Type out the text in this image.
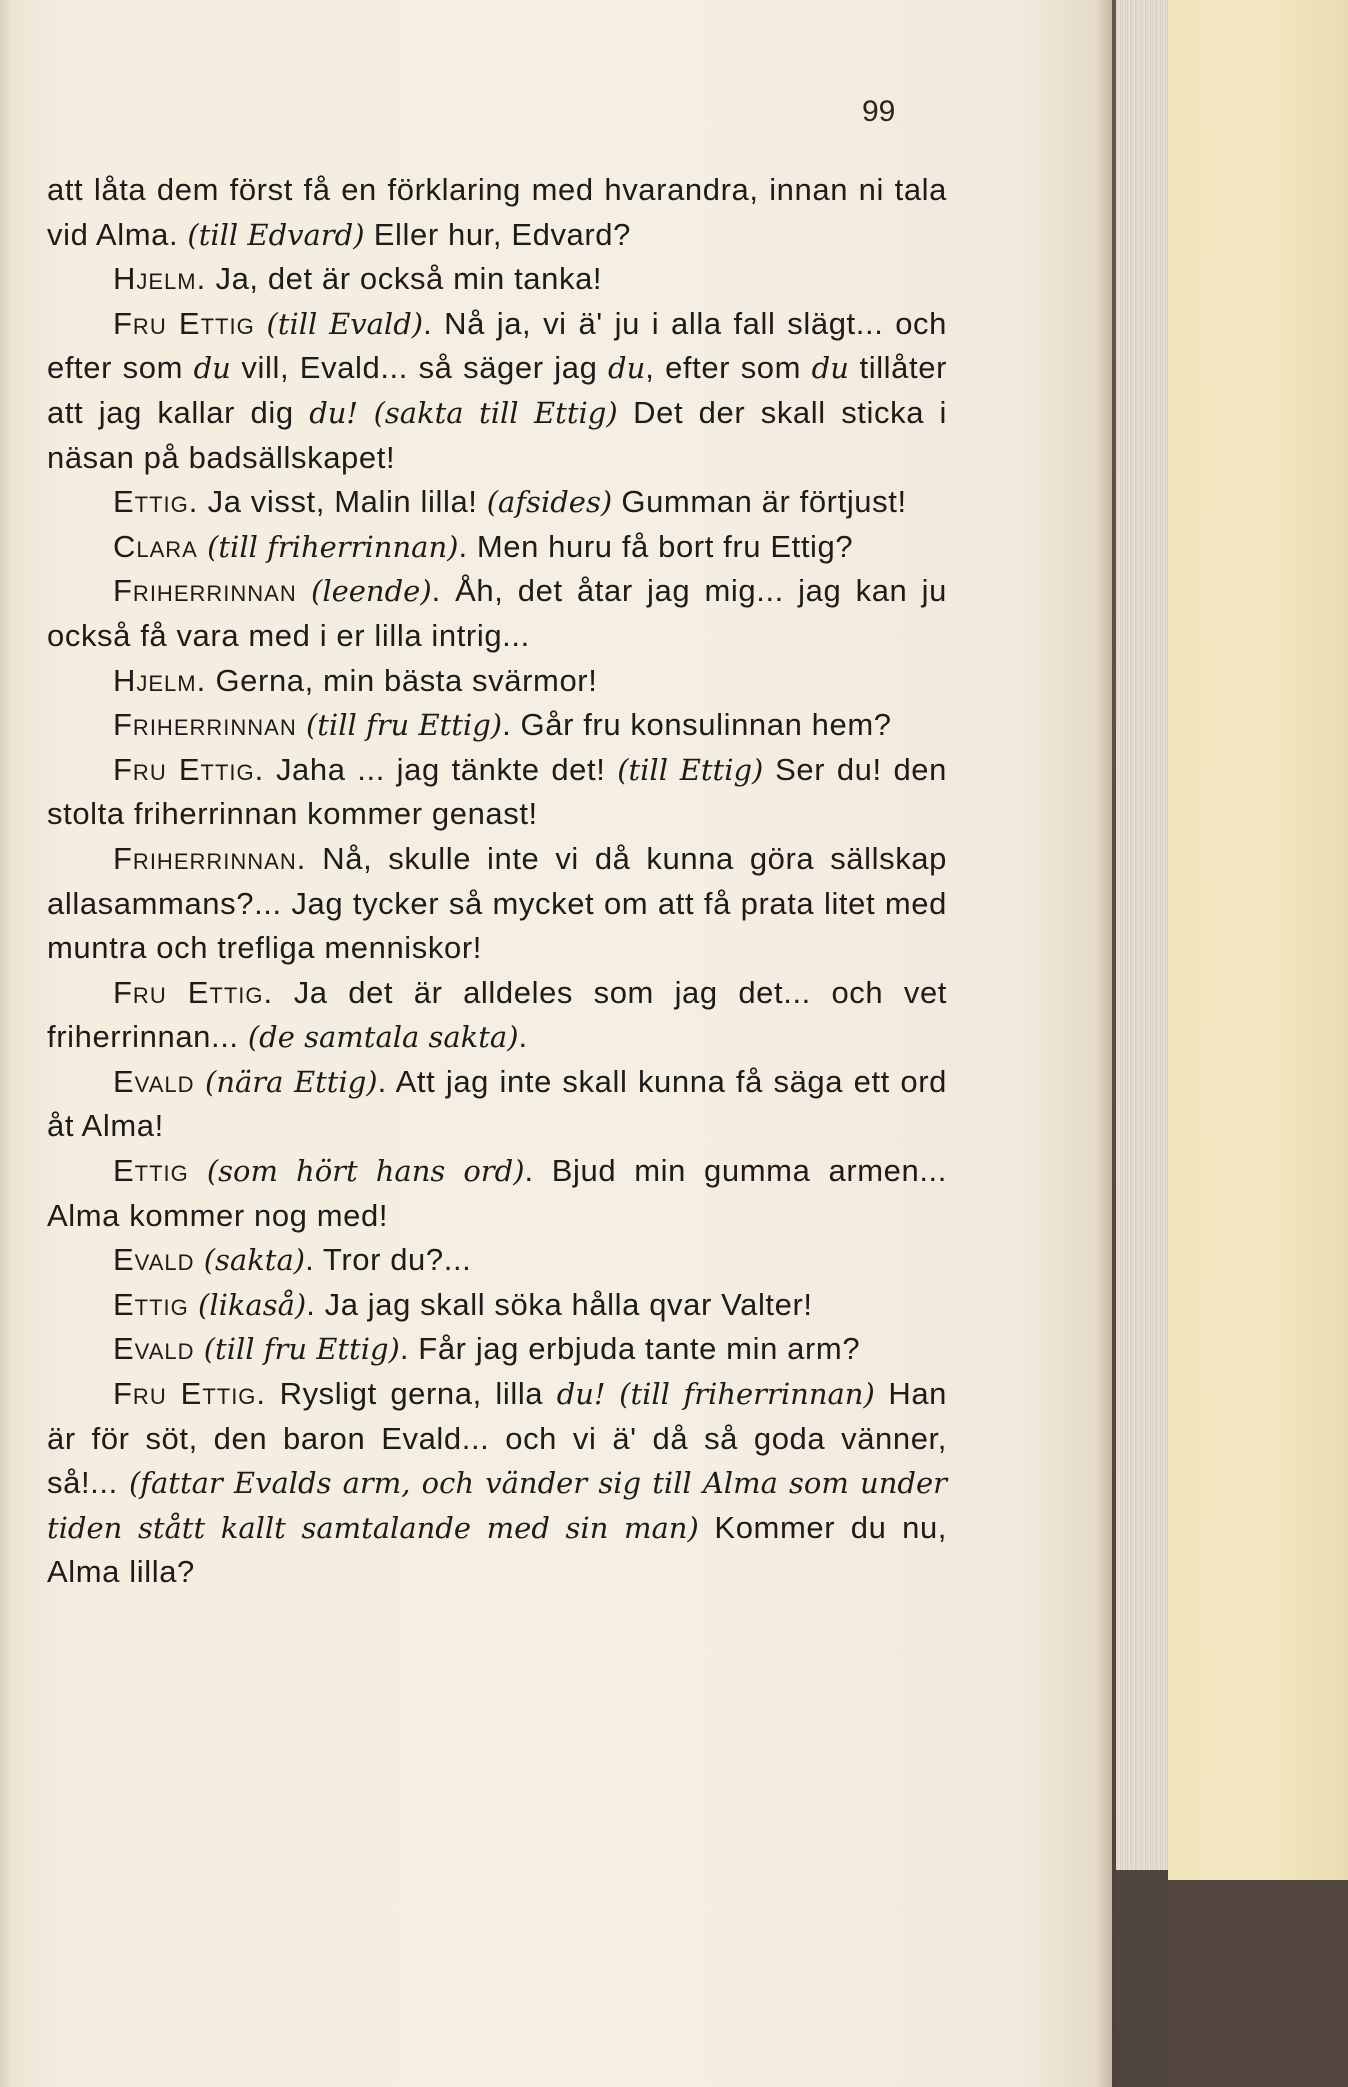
99

att låta dem först få en förklaring med hvarandra, innan ni tala vid Alma. (till Edvard) Eller hur, Edvard?

Hjelm. Ja, det är också min tanka!

Fru Ettig (till Evald). Nå ja, vi ä' ju i alla fall slägt... och efter som du vill, Evald... så säger jag du, efter som du tillåter att jag kallar dig du! (sakta till Ettig) Det der skall sticka i näsan på badsällskapet!

Ettig. Ja visst, Malin lilla! (afsides) Gumman är förtjust!

Clara (till friherrinnan). Men huru få bort fru Ettig?

Friherrinnan (leende). Åh, det åtar jag mig... jag kan ju också få vara med i er lilla intrig...

Hjelm. Gerna, min bästa svärmor!

Friherrinnan (till fru Ettig). Går fru konsulinnan hem?

Fru Ettig. Jaha ... jag tänkte det! (till Ettig) Ser du! den stolta friherrinnan kommer genast!

Friherrinnan. Nå, skulle inte vi då kunna göra sällskap allasammans?... Jag tycker så mycket om att få prata litet med muntra och trefliga menniskor!

Fru Ettig. Ja det är alldeles som jag det... och vet friherrinnan... (de samtala sakta).

Evald (nära Ettig). Att jag inte skall kunna få säga ett ord åt Alma!

Ettig (som hört hans ord). Bjud min gumma armen... Alma kommer nog med!

Evald (sakta). Tror du?...

Ettig (likaså). Ja jag skall söka hålla qvar Valter!

Evald (till fru Ettig). Får jag erbjuda tante min arm?

Fru Ettig. Rysligt gerna, lilla du! (till friherrinnan) Han är för söt, den baron Evald... och vi ä' då så goda vänner, så!... (fattar Evalds arm, och vänder sig till Alma som under tiden stått kallt samtalande med sin man) Kommer du nu, Alma lilla?
